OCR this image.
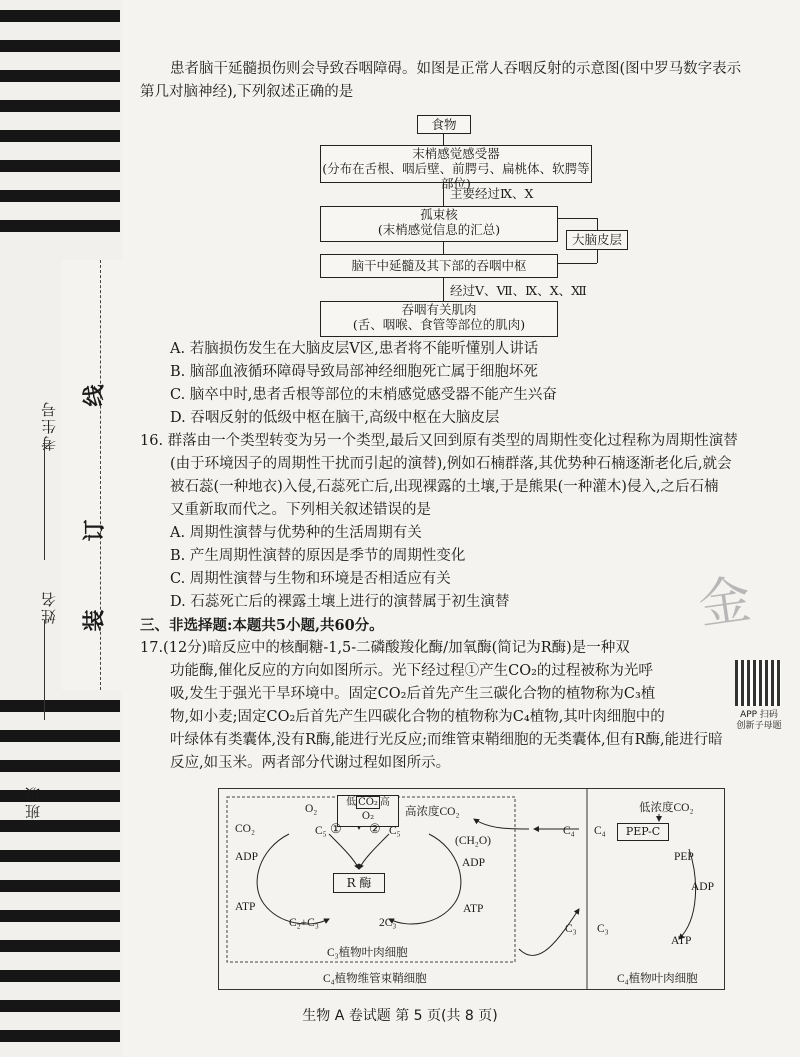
考生号
姓名
班级
线
订
装

患者脑干延髓损伤则会导致吞咽障碍。如图是正常人吞咽反射的示意图(图中罗马数字表示

第几对脑神经),下列叙述正确的是

食物
末梢感觉感受器
(分布在舌根、咽后壁、前腭弓、扁桃体、软腭等部位)
主要经过Ⅸ、Ⅹ
孤束核
(末梢感觉信息的汇总)
大脑皮层
脑干中延髓及其下部的吞咽中枢
经过Ⅴ、Ⅶ、Ⅸ、Ⅹ、Ⅻ
吞咽有关肌肉
(舌、咽喉、食管等部位的肌肉)

A. 若脑损伤发生在大脑皮层Ⅴ区,患者将不能听懂别人讲话

B. 脑部血液循环障碍导致局部神经细胞死亡属于细胞坏死

C. 脑卒中时,患者舌根等部位的末梢感觉感受器不能产生兴奋

D. 吞咽反射的低级中枢在脑干,高级中枢在大脑皮层

16. 群落由一个类型转变为另一个类型,最后又回到原有类型的周期性变化过程称为周期性演替

(由于环境因子的周期性干扰而引起的演替),例如石楠群落,其优势种石楠逐渐老化后,就会

被石蕊(一种地衣)入侵,石蕊死亡后,出现裸露的土壤,于是熊果(一种灌木)侵入,之后石楠

又重新取而代之。下列相关叙述错误的是

A. 周期性演替与优势种的生活周期有关

B. 产生周期性演替的原因是季节的周期性变化

C. 周期性演替与生物和环境是否相适应有关

D. 石蕊死亡后的裸露土壤上进行的演替属于初生演替

三、非选择题:本题共5小题,共60分。

17.(12分)暗反应中的核酮糖-1,5-二磷酸羧化酶/加氧酶(简记为R酶)是一种双

功能酶,催化反应的方向如图所示。光下经过程①产生CO₂的过程被称为光呼

吸,发生于强光干旱环境中。固定CO₂后首先产生三碳化合物的植物称为C₃植

物,如小麦;固定CO₂后首先产生四碳化合物的植物称为C₄植物,其叶肉细胞中的

叶绿体有类囊体,没有R酶,能进行光反应;而维管束鞘细胞的无类囊体,但有R酶,能进行暗

反应,如玉米。两者部分代谢过程如图所示。

APP 扫码
创新子母题
金
O₂
低 CO₂ 高
O₂	高浓度CO₂
CO₂	C₅ ① ② C₅
(CH₂O)
ADP	ADP
R 酶
ATP	ATP
C₂+C₃	2C₃
C₃植物叶肉细胞
C₄植物维管束鞘细胞	C₄植物叶肉细胞
低浓度CO₂
C₄ C₄	PEP-C
PEP
ADP
ATP
C₃ C₃
生物 A 卷试题 第 5 页(共 8 页)
